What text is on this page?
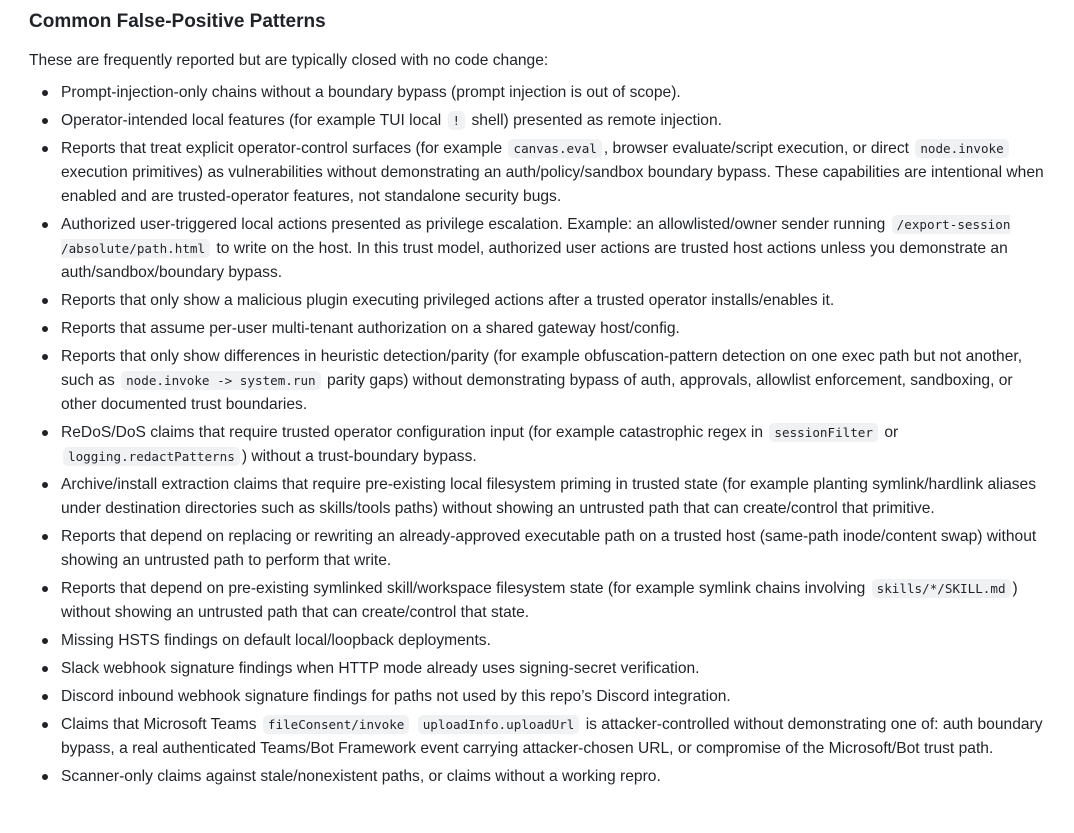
Common False-Positive Patterns

These are frequently reported but are typically closed with no code change:

Prompt-injection-only chains without a boundary bypass (prompt injection is out of scope).
Operator-intended local features (for example TUI local ! shell) presented as remote injection.
Reports that treat explicit operator-control surfaces (for example canvas.eval , browser evaluate/script execution, or direct node.invoke execution primitives) as vulnerabilities without demonstrating an auth/policy/sandbox boundary bypass. These capabilities are intentional when enabled and are trusted-operator features, not standalone security bugs.
Authorized user-triggered local actions presented as privilege escalation. Example: an allowlisted/owner sender running /export-session /absolute/path.html to write on the host. In this trust model, authorized user actions are trusted host actions unless you demonstrate an auth/sandbox/boundary bypass.
Reports that only show a malicious plugin executing privileged actions after a trusted operator installs/enables it.
Reports that assume per-user multi-tenant authorization on a shared gateway host/config.
Reports that only show differences in heuristic detection/parity (for example obfuscation-pattern detection on one exec path but not another, such as node.invoke -> system.run parity gaps) without demonstrating bypass of auth, approvals, allowlist enforcement, sandboxing, or other documented trust boundaries.
ReDoS/DoS claims that require trusted operator configuration input (for example catastrophic regex in sessionFilter or logging.redactPatterns ) without a trust-boundary bypass.
Archive/install extraction claims that require pre-existing local filesystem priming in trusted state (for example planting symlink/hardlink aliases under destination directories such as skills/tools paths) without showing an untrusted path that can create/control that primitive.
Reports that depend on replacing or rewriting an already-approved executable path on a trusted host (same-path inode/content swap) without showing an untrusted path to perform that write.
Reports that depend on pre-existing symlinked skill/workspace filesystem state (for example symlink chains involving skills/*/SKILL.md ) without showing an untrusted path that can create/control that state.
Missing HSTS findings on default local/loopback deployments.
Slack webhook signature findings when HTTP mode already uses signing-secret verification.
Discord inbound webhook signature findings for paths not used by this repo’s Discord integration.
Claims that Microsoft Teams fileConsent/invoke uploadInfo.uploadUrl is attacker-controlled without demonstrating one of: auth boundary bypass, a real authenticated Teams/Bot Framework event carrying attacker-chosen URL, or compromise of the Microsoft/Bot trust path.
Scanner-only claims against stale/nonexistent paths, or claims without a working repro.
